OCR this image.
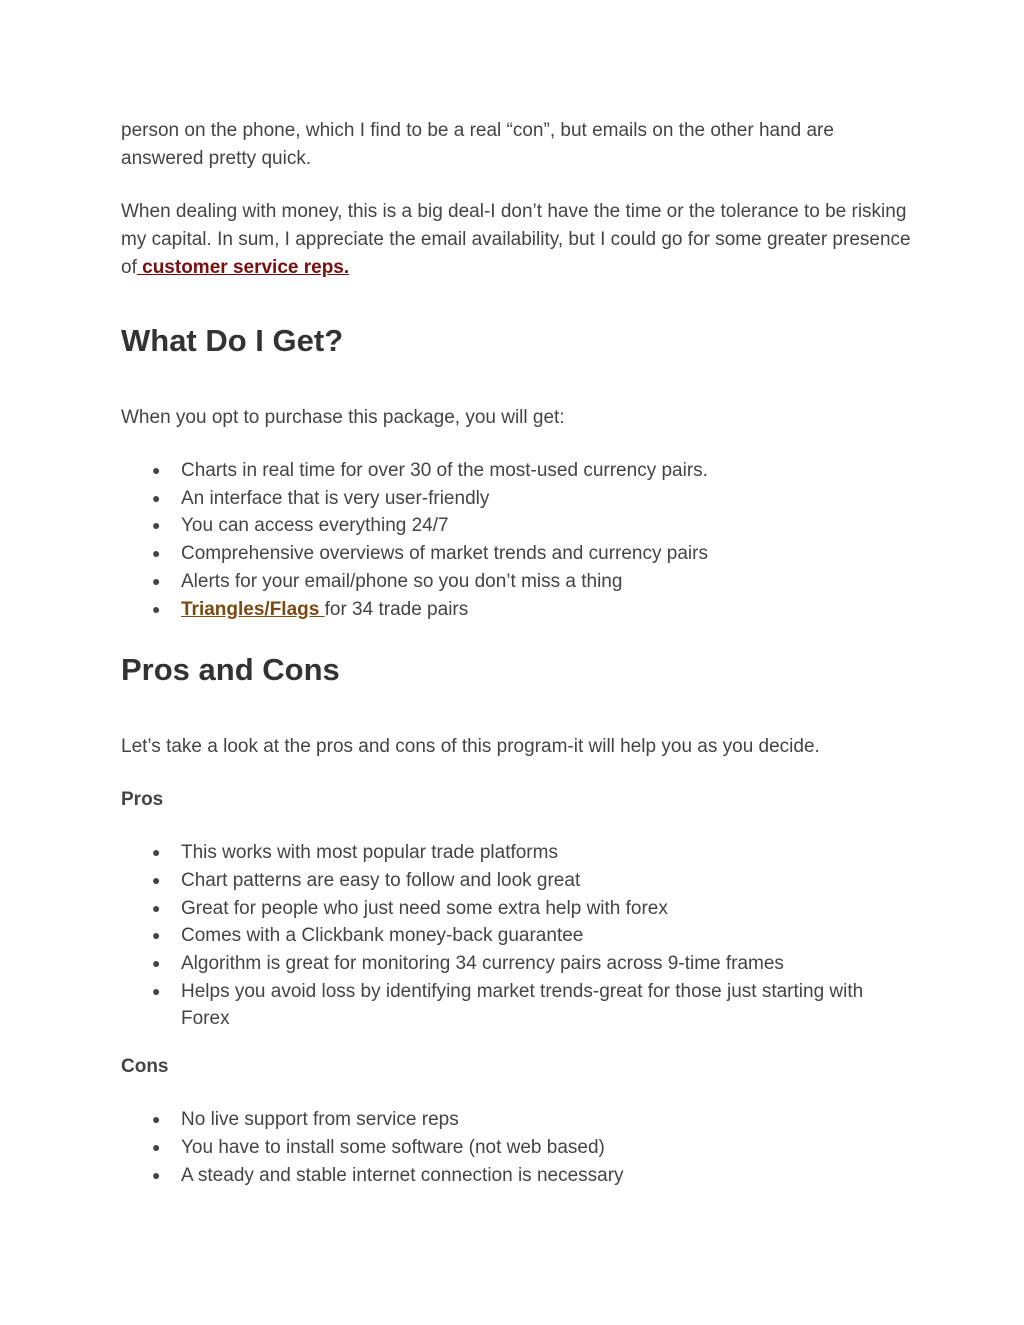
person on the phone, which I find to be a real “con”, but emails on the other hand are answered pretty quick.

When dealing with money, this is a big deal-I don’t have the time or the tolerance to be risking my capital. In sum, I appreciate the email availability, but I could go for some greater presence of customer service reps.

What Do I Get?

When you opt to purchase this package, you will get:

● Charts in real time for over 30 of the most-used currency pairs.
● An interface that is very user-friendly
● You can access everything 24/7
● Comprehensive overviews of market trends and currency pairs
● Alerts for your email/phone so you don’t miss a thing
● Triangles/Flags for 34 trade pairs
Pros and Cons

Let’s take a look at the pros and cons of this program-it will help you as you decide.

Pros
● This works with most popular trade platforms
● Chart patterns are easy to follow and look great
● Great for people who just need some extra help with forex
● Comes with a Clickbank money-back guarantee
● Algorithm is great for monitoring 34 currency pairs across 9-time frames
● Helps you avoid loss by identifying market trends-great for those just starting with Forex
Cons
● No live support from service reps
● You have to install some software (not web based)
● A steady and stable internet connection is necessary
